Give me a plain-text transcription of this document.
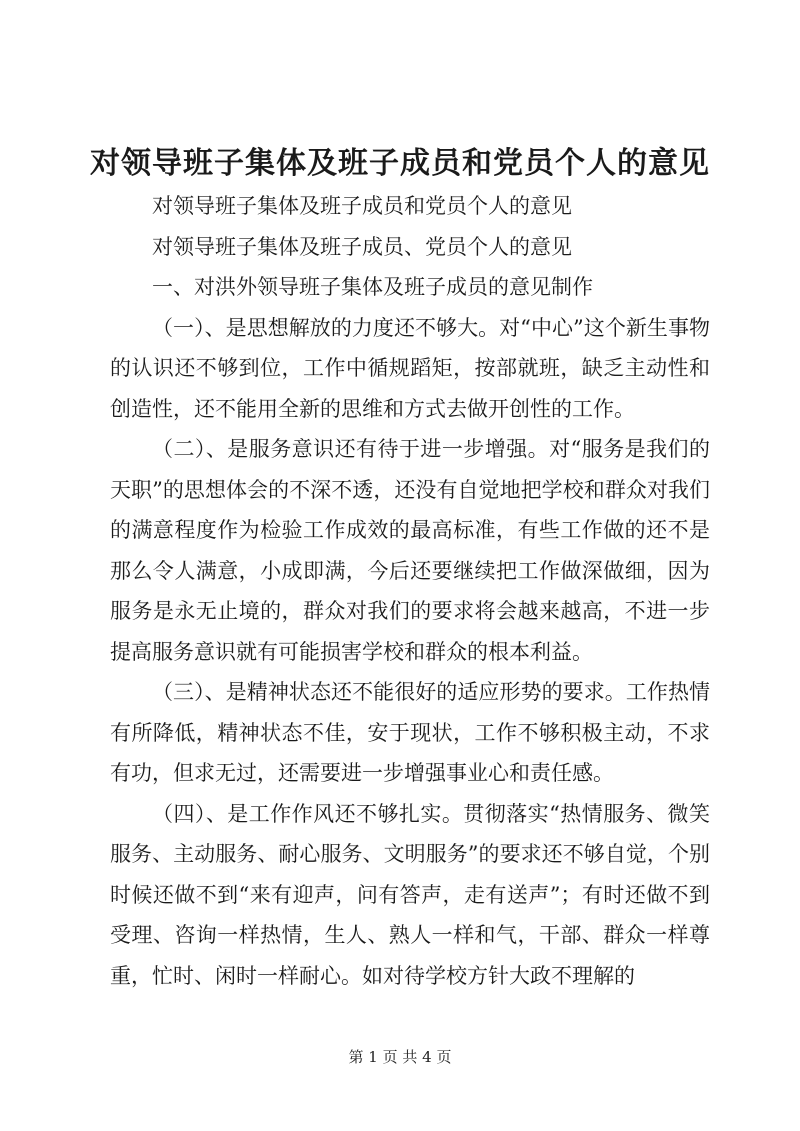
对领导班子集体及班子成员和党员个人的意见

对领导班子集体及班子成员和党员个人的意见

对领导班子集体及班子成员、党员个人的意见

一、对洪外领导班子集体及班子成员的意见制作

（一）、是思想解放的力度还不够大。对“中心”这个新生事物的认识还不够到位，工作中循规蹈矩，按部就班，缺乏主动性和创造性，还不能用全新的思维和方式去做开创性的工作。

（二）、是服务意识还有待于进一步增强。对“服务是我们的天职”的思想体会的不深不透，还没有自觉地把学校和群众对我们的满意程度作为检验工作成效的最高标准，有些工作做的还不是那么令人满意，小成即满，今后还要继续把工作做深做细，因为服务是永无止境的，群众对我们的要求将会越来越高，不进一步提高服务意识就有可能损害学校和群众的根本利益。

（三）、是精神状态还不能很好的适应形势的要求。工作热情有所降低，精神状态不佳，安于现状，工作不够积极主动，不求有功，但求无过，还需要进一步增强事业心和责任感。

（四）、是工作作风还不够扎实。贯彻落实“热情服务、微笑服务、主动服务、耐心服务、文明服务”的要求还不够自觉，个别时候还做不到“来有迎声，问有答声，走有送声”；有时还做不到受理、咨询一样热情，生人、熟人一样和气，干部、群众一样尊重，忙时、闲时一样耐心。如对待学校方针大政不理解的

第 1 页 共 4 页
